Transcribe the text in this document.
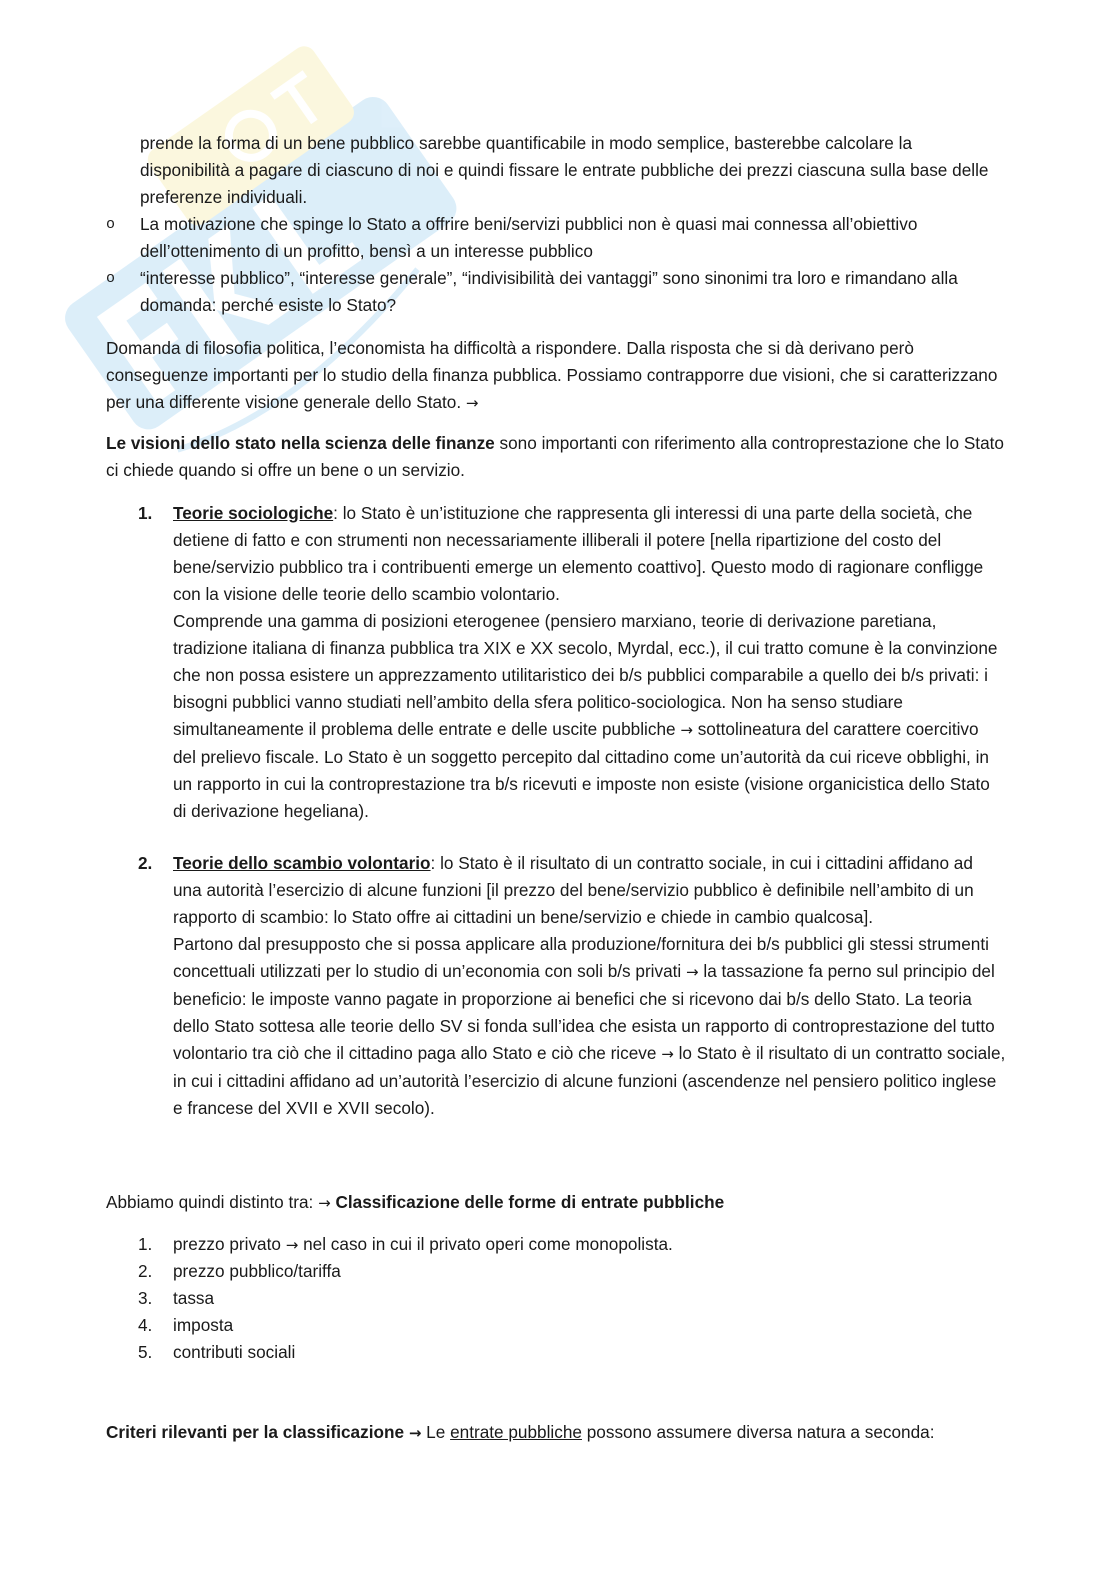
prende la forma di un bene pubblico sarebbe quantificabile in modo semplice, basterebbe calcolare la disponibilità a pagare di ciascuno di noi e quindi fissare le entrate pubbliche dei prezzi ciascuna sulla base delle preferenze individuali.

o La motivazione che spinge lo Stato a offrire beni/servizi pubblici non è quasi mai connessa all’obiettivo dell’ottenimento di un profitto, bensì a un interesse pubblico
o “interesse pubblico”, “interesse generale”, “indivisibilità dei vantaggi” sono sinonimi tra loro e rimandano alla domanda: perché esiste lo Stato?

Domanda di filosofia politica, l’economista ha difficoltà a rispondere. Dalla risposta che si dà derivano però conseguenze importanti per lo studio della finanza pubblica. Possiamo contrapporre due visioni, che si caratterizzano per una differente visione generale dello Stato. →

Le visioni dello stato nella scienza delle finanze sono importanti con riferimento alla controprestazione che lo Stato ci chiede quando si offre un bene o un servizio.

1.	Teorie sociologiche: lo Stato è un’istituzione che rappresenta gli interessi di una parte della società, che detiene di fatto e con strumenti non necessariamente illiberali il potere [nella ripartizione del costo del bene/servizio pubblico tra i contribuenti emerge un elemento coattivo]. Questo modo di ragionare confligge con la visione delle teorie dello scambio volontario.
Comprende una gamma di posizioni eterogenee (pensiero marxiano, teorie di derivazione paretiana, tradizione italiana di finanza pubblica tra XIX e XX secolo, Myrdal, ecc.), il cui tratto comune è la convinzione che non possa esistere un apprezzamento utilitaristico dei b/s pubblici comparabile a quello dei b/s privati: i bisogni pubblici vanno studiati nell’ambito della sfera politico-sociologica. Non ha senso studiare simultaneamente il problema delle entrate e delle uscite pubbliche → sottolineatura del carattere coercitivo del prelievo fiscale. Lo Stato è un soggetto percepito dal cittadino come un’autorità da cui riceve obblighi, in un rapporto in cui la controprestazione tra b/s ricevuti e imposte non esiste (visione organicistica dello Stato di derivazione hegeliana).
2.	Teorie dello scambio volontario: lo Stato è il risultato di un contratto sociale, in cui i cittadini affidano ad una autorità l’esercizio di alcune funzioni [il prezzo del bene/servizio pubblico è definibile nell’ambito di un rapporto di scambio: lo Stato offre ai cittadini un bene/servizio e chiede in cambio qualcosa].
Partono dal presupposto che si possa applicare alla produzione/fornitura dei b/s pubblici gli stessi strumenti concettuali utilizzati per lo studio di un’economia con soli b/s privati → la tassazione fa perno sul principio del beneficio: le imposte vanno pagate in proporzione ai benefici che si ricevono dai b/s dello Stato. La teoria dello Stato sottesa alle teorie dello SV si fonda sull’idea che esista un rapporto di controprestazione del tutto volontario tra ciò che il cittadino paga allo Stato e ciò che riceve → lo Stato è il risultato di un contratto sociale, in cui i cittadini affidano ad un’autorità l’esercizio di alcune funzioni (ascendenze nel pensiero politico inglese e francese del XVII e XVII secolo).

Abbiamo quindi distinto tra: → Classificazione delle forme di entrate pubbliche

1.	prezzo privato → nel caso in cui il privato operi come monopolista.
2.	prezzo pubblico/tariffa
3.	tassa
4.	imposta
5.	contributi sociali

Criteri rilevanti per la classificazione → Le entrate pubbliche possono assumere diversa natura a seconda:
